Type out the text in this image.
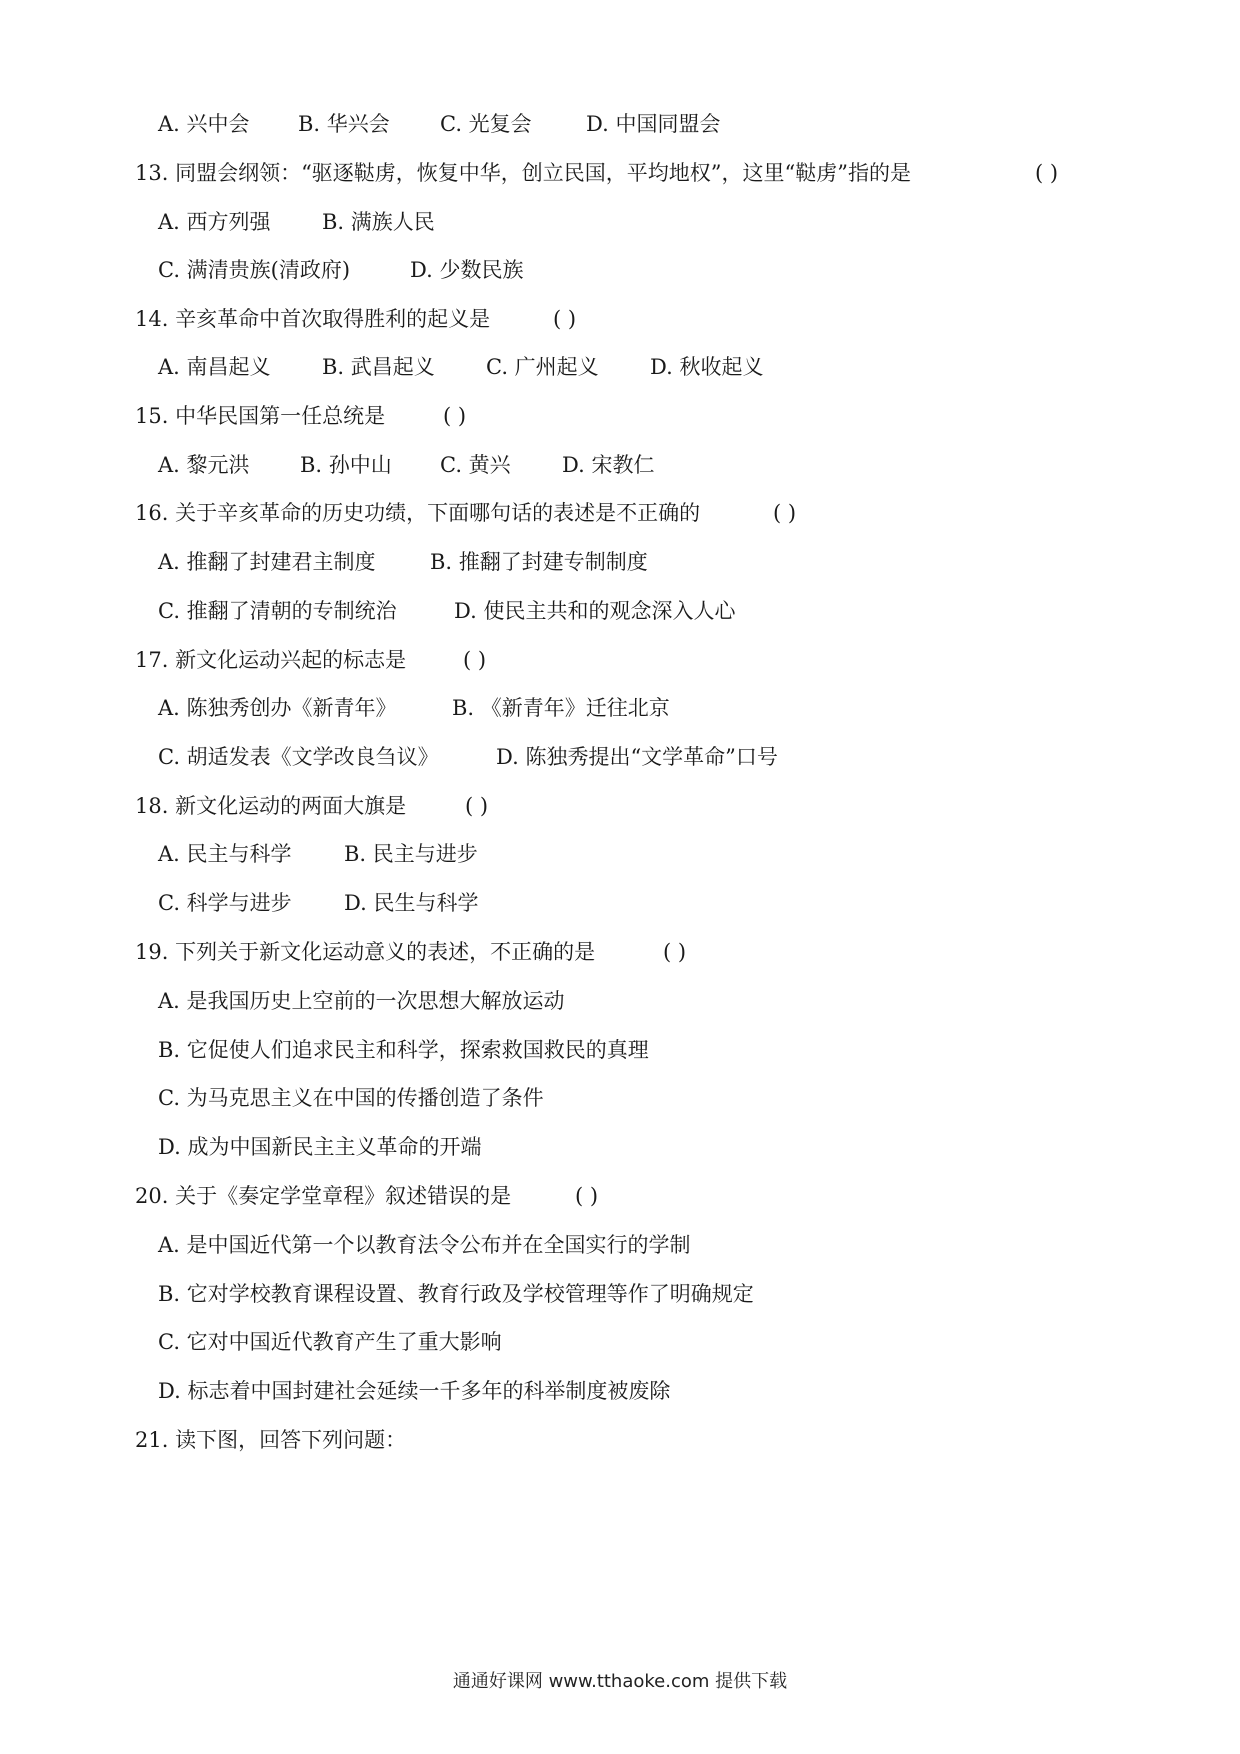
A. 兴中会 B. 华兴会 C. 光复会	D. 中国同盟会
13. 同盟会纲领：“驱逐鞑虏，恢复中华，创立民国，平均地权”，这里“鞑虏”指的是	( )
A. 西方列强 B. 满族人民
C. 满清贵族(清政府)	D. 少数民族
14. 辛亥革命中首次取得胜利的起义是	( )
A. 南昌起义 B. 武昌起义 C. 广州起义 D. 秋收起义
15. 中华民国第一任总统是	( )
A. 黎元洪 B. 孙中山 C. 黄兴 D. 宋教仁
16. 关于辛亥革命的历史功绩，下面哪句话的表述是不正确的	( )
A. 推翻了封建君主制度	B. 推翻了封建专制制度
C. 推翻了清朝的专制统治	D. 使民主共和的观念深入人心
17. 新文化运动兴起的标志是	( )
A. 陈独秀创办《新青年》	B. 《新青年》迁往北京
C. 胡适发表《文学改良刍议》	D. 陈独秀提出“文学革命”口号
18. 新文化运动的两面大旗是	( )
A. 民主与科学 B. 民主与进步
C. 科学与进步 D. 民生与科学
19. 下列关于新文化运动意义的表述，不正确的是	( )
A. 是我国历史上空前的一次思想大解放运动
B. 它促使人们追求民主和科学，探索救国救民的真理
C. 为马克思主义在中国的传播创造了条件
D. 成为中国新民主主义革命的开端
20. 关于《奏定学堂章程》叙述错误的是	( )
A. 是中国近代第一个以教育法令公布并在全国实行的学制
B. 它对学校教育课程设置、教育行政及学校管理等作了明确规定
C. 它对中国近代教育产生了重大影响
D. 标志着中国封建社会延续一千多年的科举制度被废除
21. 读下图，回答下列问题：
通通好课网 www.tthaoke.com 提供下载
